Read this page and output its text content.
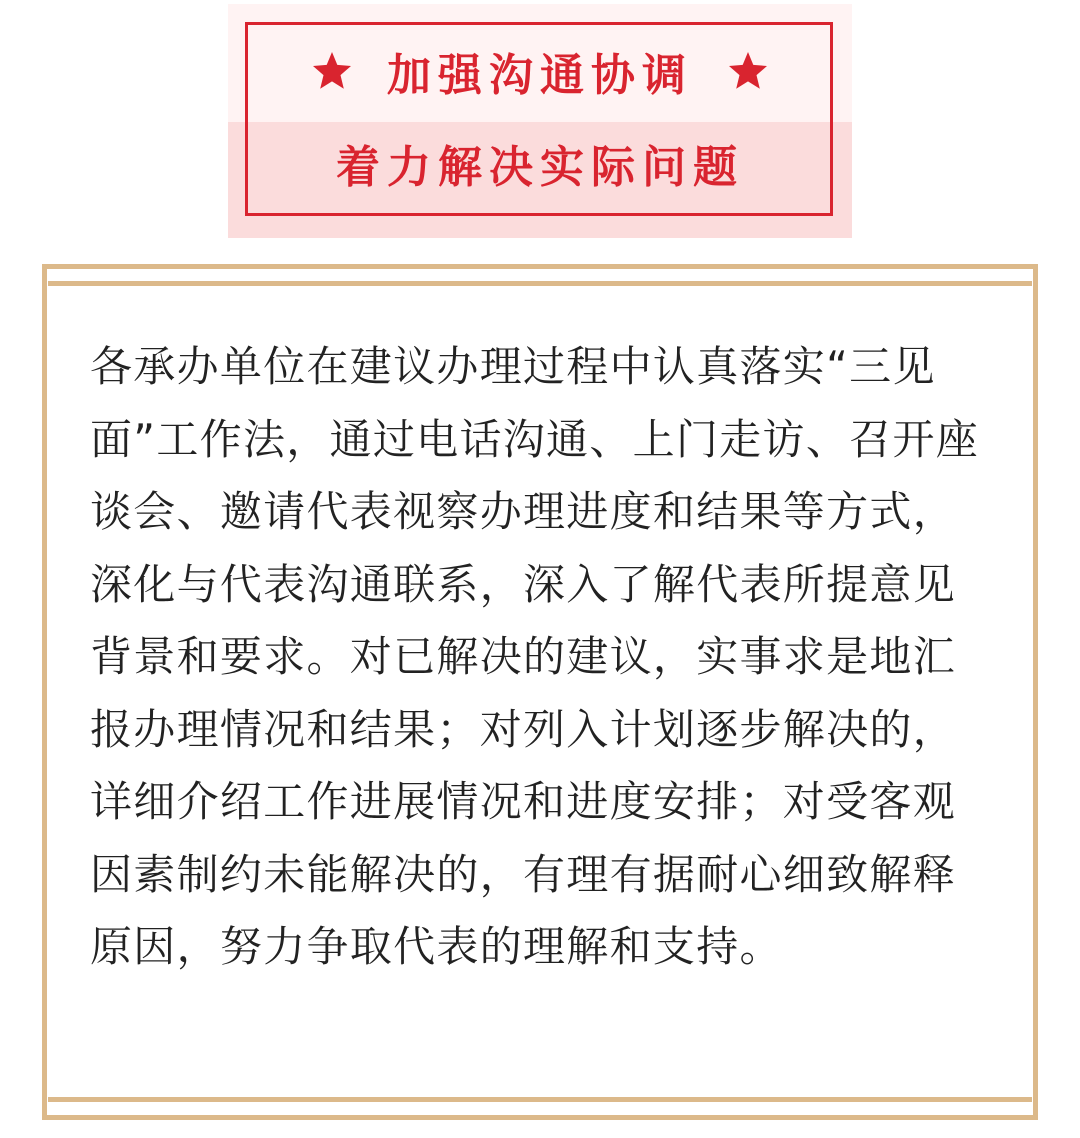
加强沟通协调
着力解决实际问题

各承办单位在建议办理过程中认真落实“三见面”工作法，通过电话沟通、上门走访、召开座谈会、邀请代表视察办理进度和结果等方式，深化与代表沟通联系，深入了解代表所提意见背景和要求。对已解决的建议，实事求是地汇报办理情况和结果；对列入计划逐步解决的，详细介绍工作进展情况和进度安排；对受客观因素制约未能解决的，有理有据耐心细致解释原因，努力争取代表的理解和支持。
